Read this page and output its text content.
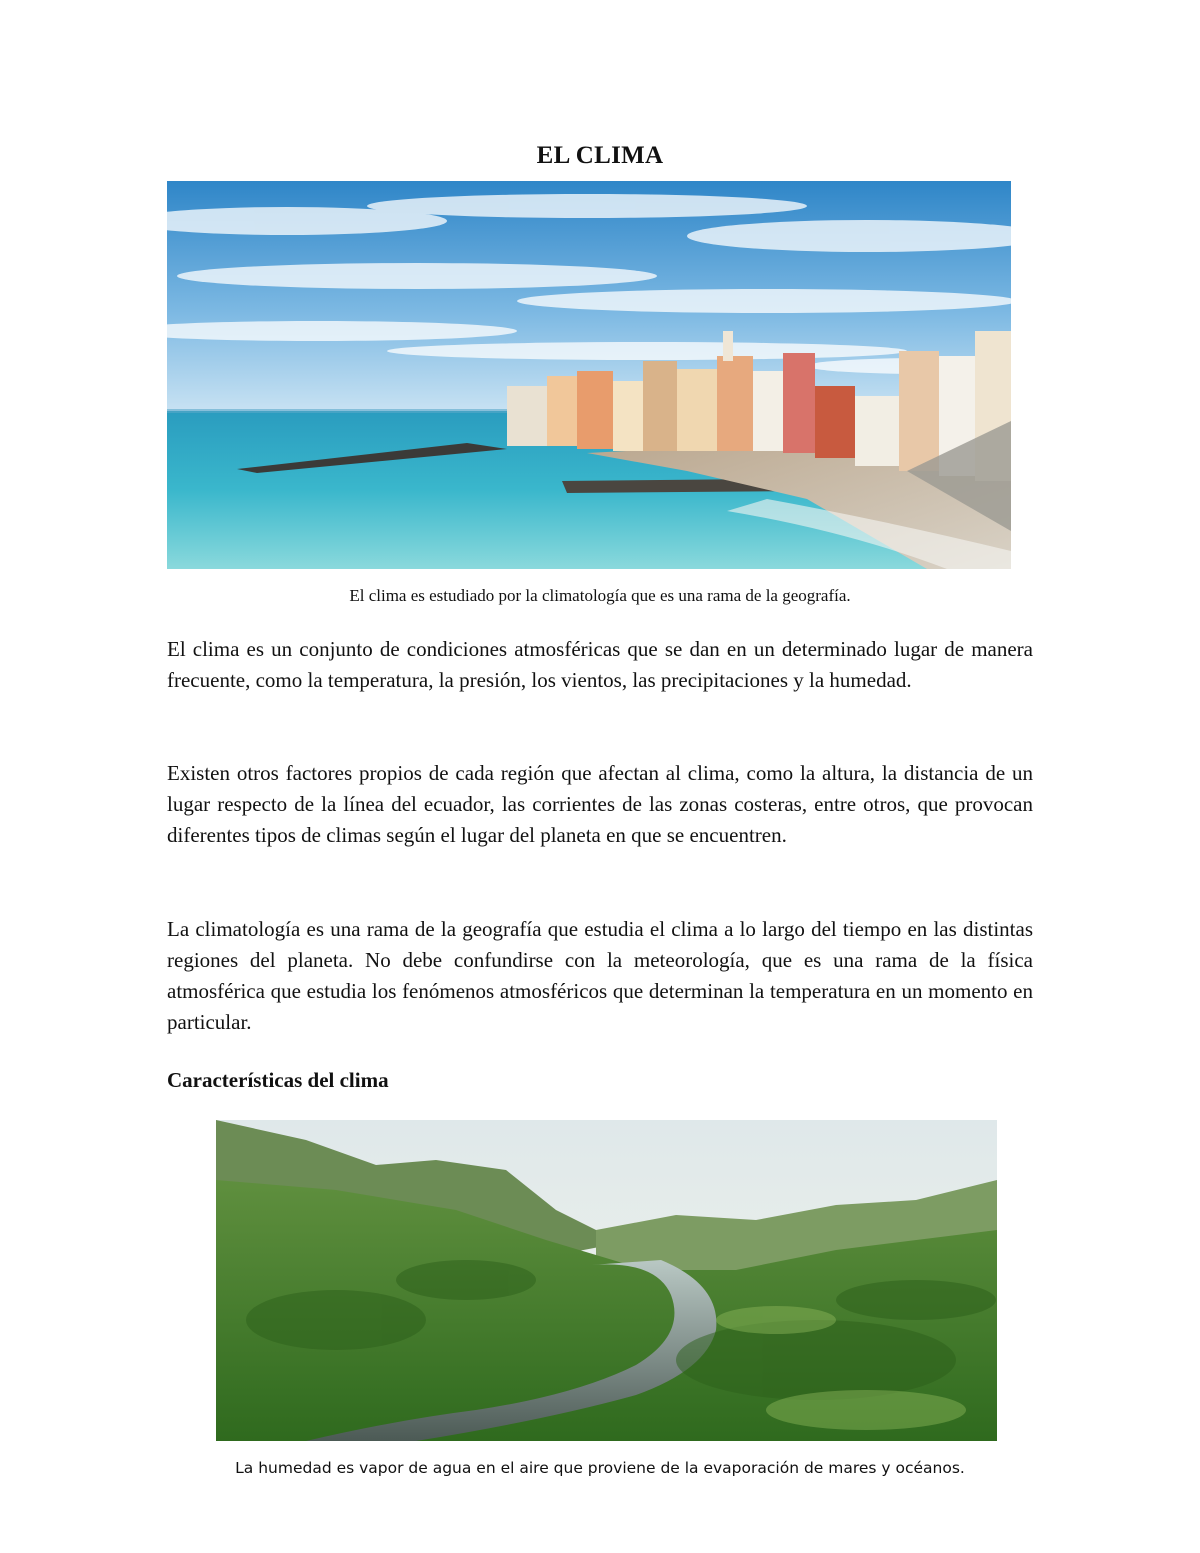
EL CLIMA
El clima es estudiado por la climatología que es una rama de la geografía.

El clima es un conjunto de condiciones atmosféricas que se dan en un determinado lugar de manera frecuente, como la temperatura, la presión, los vientos, las precipitaciones y la humedad.

Existen otros factores propios de cada región que afectan al clima, como la altura, la distancia de un lugar respecto de la línea del ecuador, las corrientes de las zonas costeras, entre otros, que provocan diferentes tipos de climas según el lugar del planeta en que se encuentren.

La climatología es una rama de la geografía que estudia el clima a lo largo del tiempo en las distintas regiones del planeta. No debe confundirse con la meteorología, que es una rama de la física atmosférica que estudia los fenómenos atmosféricos que determinan la temperatura en un momento en particular.

Características del clima
La humedad es vapor de agua en el aire que proviene de la evaporación de mares y océanos.
